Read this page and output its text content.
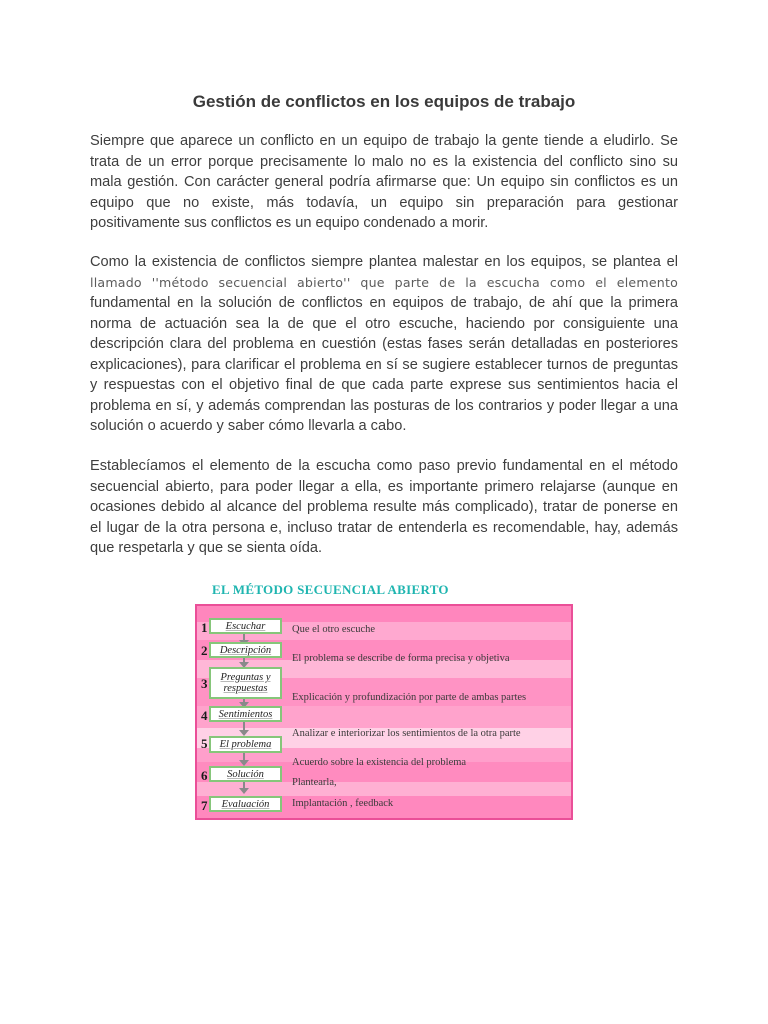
Gestión de conflictos en los equipos de trabajo

Siempre que aparece un conflicto en un equipo de trabajo la gente tiende a eludirlo. Se trata de un error porque precisamente lo malo no es la existencia del conflicto sino su mala gestión. Con carácter general podría afirmarse que: Un equipo sin conflictos es un equipo que no existe, más todavía, un equipo sin preparación para gestionar positivamente sus conflictos es un equipo condenado a morir.

Como la existencia de conflictos siempre plantea malestar en los equipos, se plantea el llamado ''método secuencial abierto'' que parte de la escucha como el elemento fundamental en la solución de conflictos en equipos de trabajo, de ahí que la primera norma de actuación sea la de que el otro escuche, haciendo por consiguiente una descripción clara del problema en cuestión (estas fases serán detalladas en posteriores explicaciones), para clarificar el problema en sí se sugiere establecer turnos de preguntas y respuestas con el objetivo final de que cada parte exprese sus sentimientos hacia el problema en sí, y además comprendan las posturas de los contrarios y poder llegar a una solución o acuerdo y saber cómo llevarla a cabo.

Establecíamos el elemento de la escucha como paso previo fundamental en el método secuencial abierto, para poder llegar a ella, es importante primero relajarse (aunque en ocasiones debido al alcance del problema resulte más complicado), tratar de ponerse en el lugar de la otra persona e, incluso tratar de entenderla es recomendable, hay, además que respetarla y que se sienta oída.

EL MÉTODO SECUENCIAL ABIERTO
1
2
3
4
5
6
7
Escuchar
Descripción
Preguntas y respuestas
Sentimientos
El problema
Solución
Evaluación
Que el otro escuche
El problema se describe de forma precisa y objetiva
Explicación y profundización por parte de ambas partes
Analizar e interiorizar los sentimientos de la otra parte
Acuerdo sobre la existencia del problema
Plantearla,
Implantación , feedback
